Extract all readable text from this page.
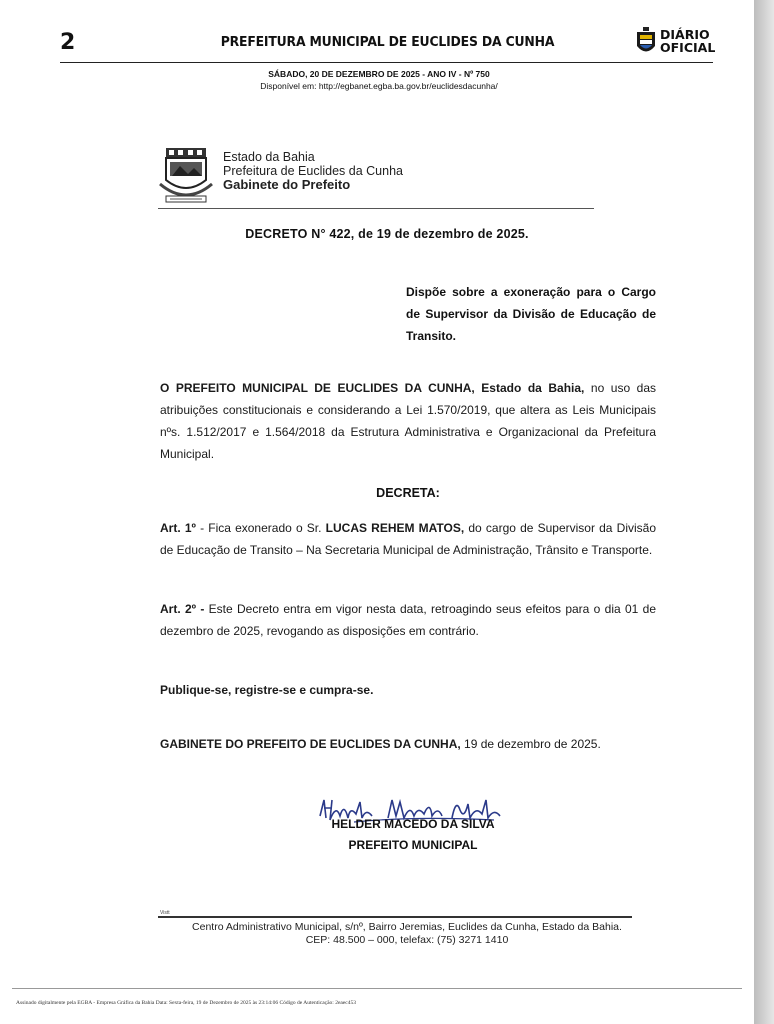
2	PREFEITURA MUNICIPAL DE EUCLIDES DA CUNHA	DIÁRIO
OFICIAL
SÁBADO, 20 DE DEZEMBRO DE 2025 - ANO IV - Nº 750
Disponível em: http://egbanet.egba.ba.gov.br/euclidesdacunha/
Estado da Bahia
Prefeitura de Euclides da Cunha
Gabinete do Prefeito
DECRETO N° 422, de 19 de dezembro de 2025.
Dispõe sobre a exoneração para o Cargo de Supervisor da Divisão de Educação de Transito.
O PREFEITO MUNICIPAL DE EUCLIDES DA CUNHA, Estado da Bahia, no uso das atribuições constitucionais e considerando a Lei 1.570/2019, que altera as Leis Municipais nºs. 1.512/2017 e 1.564/2018 da Estrutura Administrativa e Organizacional da Prefeitura Municipal.
DECRETA:
Art. 1º - Fica exonerado o Sr. LUCAS REHEM MATOS, do cargo de Supervisor da Divisão de Educação de Transito – Na Secretaria Municipal de Administração, Trânsito e Transporte.
Art. 2º - Este Decreto entra em vigor nesta data, retroagindo seus efeitos para o dia 01 de dezembro de 2025, revogando as disposições em contrário.
Publique-se, registre-se e cumpra-se.
GABINETE DO PREFEITO DE EUCLIDES DA CUNHA, 19 de dezembro de 2025.
HELDER MACEDO DA SILVA
PREFEITO MUNICIPAL
Vistt
Centro Administrativo Municipal, s/nº, Bairro Jeremias, Euclides da Cunha, Estado da Bahia.
CEP: 48.500 – 000, telefax: (75) 3271 1410
Assinado digitalmente pela EGBA - Empresa Gráfica da Bahia Data: Sexta-feira, 19 de Dezembro de 2025 às 23:14:06 Código de Autenticação: 2eaec453
